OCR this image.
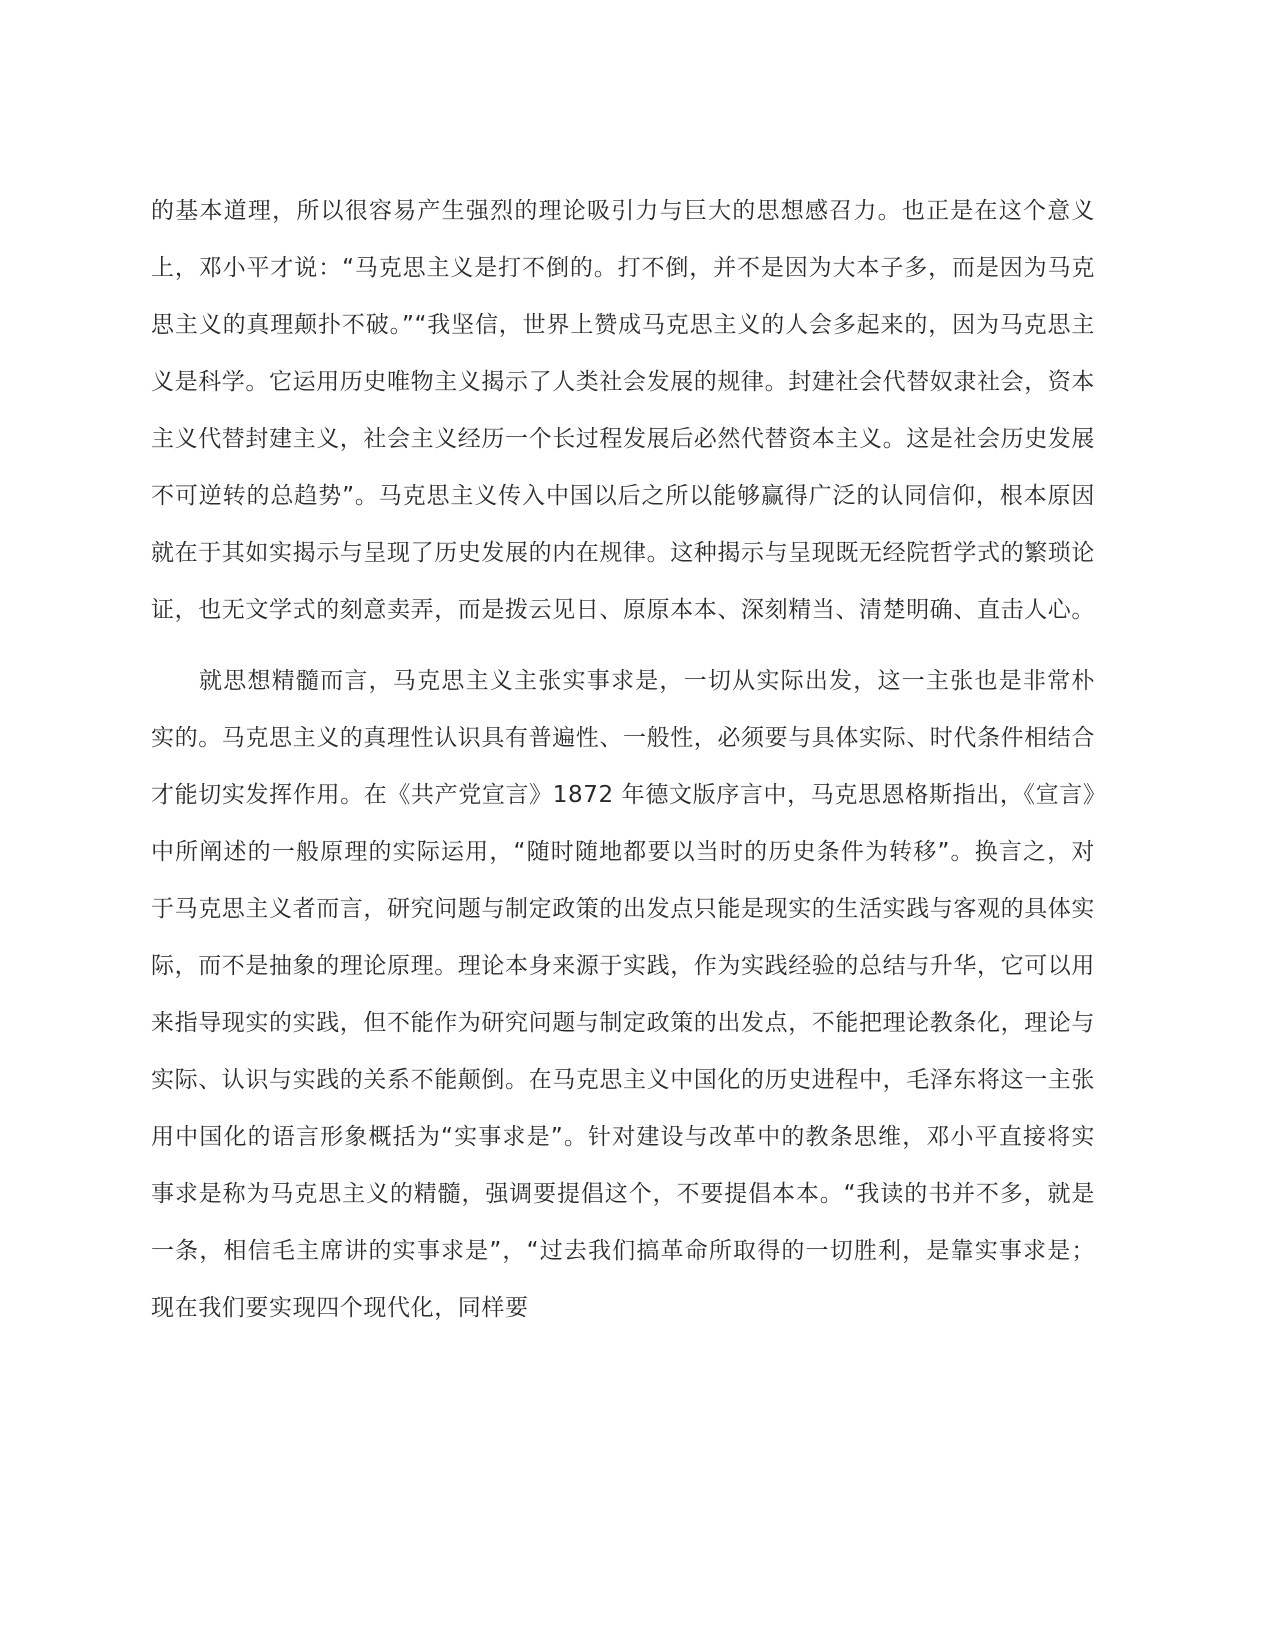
的基本道理，所以很容易产生强烈的理论吸引力与巨大的思想感召力。也正是在这个意义上，邓小平才说：“马克思主义是打不倒的。打不倒，并不是因为大本子多，而是因为马克思主义的真理颠扑不破。”“我坚信，世界上赞成马克思主义的人会多起来的，因为马克思主义是科学。它运用历史唯物主义揭示了人类社会发展的规律。封建社会代替奴隶社会，资本主义代替封建主义，社会主义经历一个长过程发展后必然代替资本主义。这是社会历史发展不可逆转的总趋势”。马克思主义传入中国以后之所以能够赢得广泛的认同信仰，根本原因就在于其如实揭示与呈现了历史发展的内在规律。这种揭示与呈现既无经院哲学式的繁琐论证，也无文学式的刻意卖弄，而是拨云见日、原原本本、深刻精当、清楚明确、直击人心。

就思想精髓而言，马克思主义主张实事求是，一切从实际出发，这一主张也是非常朴实的。马克思主义的真理性认识具有普遍性、一般性，必须要与具体实际、时代条件相结合才能切实发挥作用。在《共产党宣言》1872 年德文版序言中，马克思恩格斯指出，《宣言》中所阐述的一般原理的实际运用，“随时随地都要以当时的历史条件为转移”。换言之，对于马克思主义者而言，研究问题与制定政策的出发点只能是现实的生活实践与客观的具体实际，而不是抽象的理论原理。理论本身来源于实践，作为实践经验的总结与升华，它可以用来指导现实的实践，但不能作为研究问题与制定政策的出发点，不能把理论教条化，理论与实际、认识与实践的关系不能颠倒。在马克思主义中国化的历史进程中，毛泽东将这一主张用中国化的语言形象概括为“实事求是”。针对建设与改革中的教条思维，邓小平直接将实事求是称为马克思主义的精髓，强调要提倡这个，不要提倡本本。“我读的书并不多，就是一条，相信毛主席讲的实事求是”，“过去我们搞革命所取得的一切胜利，是靠实事求是；现在我们要实现四个现代化，同样要
